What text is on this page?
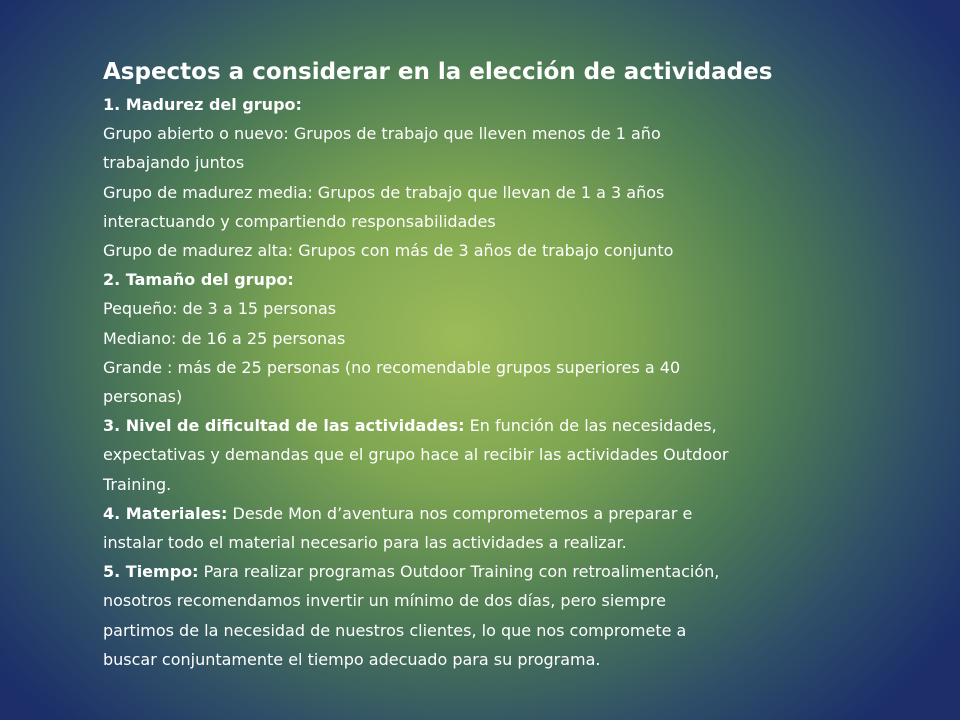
Aspectos a considerar en la elección de actividades
1. Madurez del grupo:
Grupo abierto o nuevo: Grupos de trabajo que lleven menos de 1 año
trabajando juntos
Grupo de madurez media: Grupos de trabajo que llevan de 1 a 3 años
interactuando y compartiendo responsabilidades
Grupo de madurez alta: Grupos con más de 3 años de trabajo conjunto
2. Tamaño del grupo:
Pequeño: de 3 a 15 personas
Mediano: de 16 a 25 personas
Grande : más de 25 personas (no recomendable grupos superiores a 40
personas)
3. Nivel de dificultad de las actividades: En función de las necesidades,
expectativas y demandas que el grupo hace al recibir las actividades Outdoor
Training.
4. Materiales: Desde Mon d’aventura nos comprometemos a preparar e
instalar todo el material necesario para las actividades a realizar.
5. Tiempo: Para realizar programas Outdoor Training con retroalimentación,
nosotros recomendamos invertir un mínimo de dos días, pero siempre
partimos de la necesidad de nuestros clientes, lo que nos compromete a
buscar conjuntamente el tiempo adecuado para su programa.
